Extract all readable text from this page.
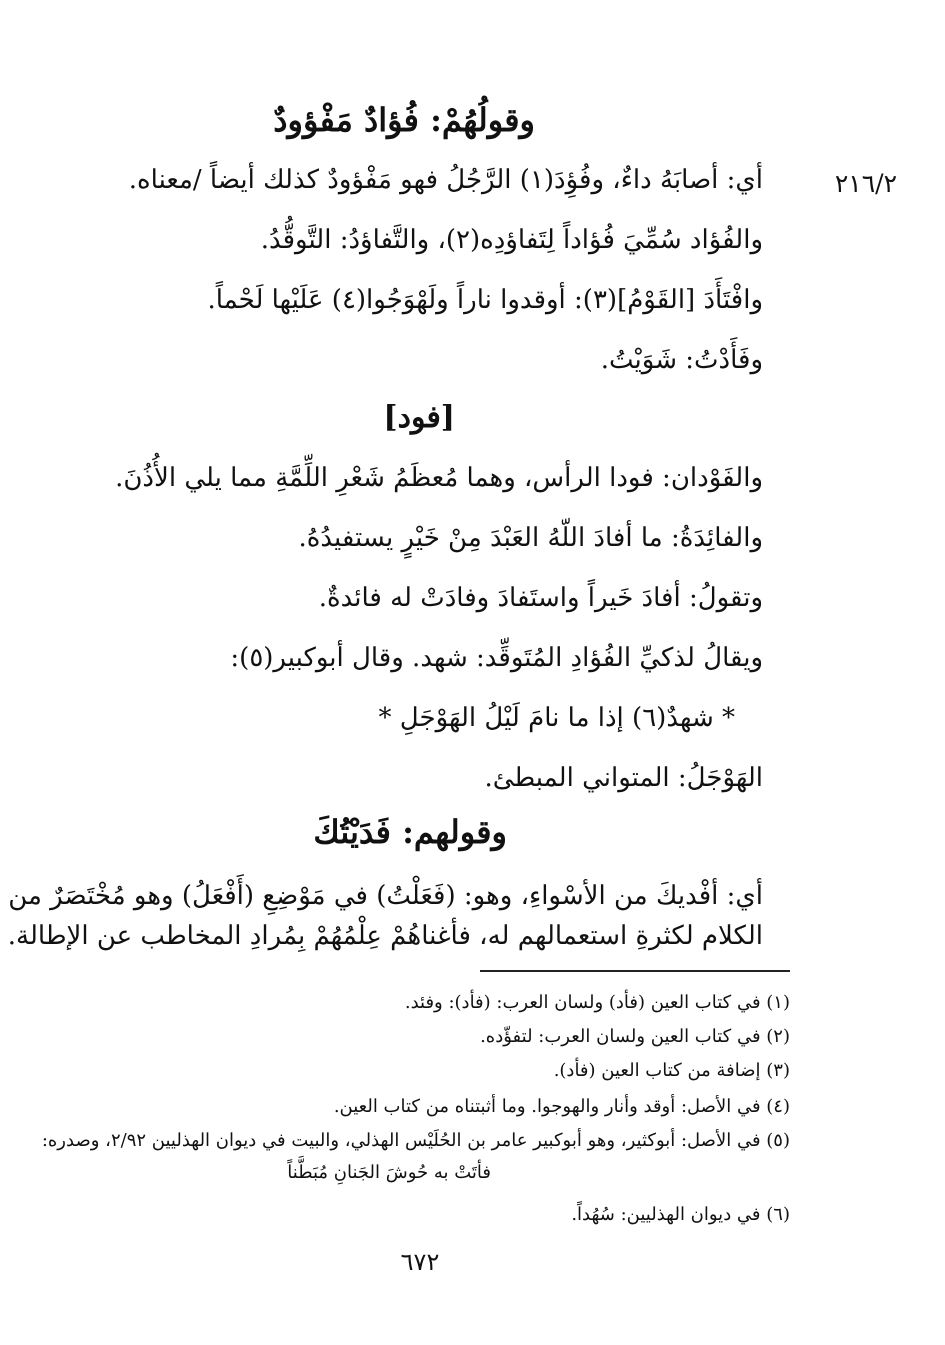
وقولُهُمْ: فُؤادٌ مَفْؤودٌ
٢١٦/٢
أي: أصابَهُ داءٌ، وفُؤِدَ(١) الرَّجُلُ فهو مَفْؤودٌ كذلك أيضاً /معناه.
والفُؤاد سُمِّيَ فُؤاداً لِتَفاؤدِه(٢)، والتَّفاؤدُ: التَّوقُّدُ.
وافْتَأَدَ [القَوْمُ](٣): أوقدوا ناراً ولَهْوَجُوا(٤) عَلَيْها لَحْماً.
وفَأَدْتُ: شَوَيْتُ.
[فود]
والفَوْدان: فودا الرأس، وهما مُعظَمُ شَعْرِ اللِّمَّةِ مما يلي الأُذُنَ.
والفائِدَةُ: ما أفادَ اللّهُ العَبْدَ مِنْ خَيْرٍ يستفيدُهُ.
وتقولُ: أفادَ خَيراً واستَفادَ وفادَتْ له فائدةٌ.
ويقالُ لذكيِّ الفُؤادِ المُتَوقِّد: شهد. وقال أبوكبير(٥):
* شهدٌ(٦) إذا ما نامَ لَيْلُ الهَوْجَلِ *
الهَوْجَلُ: المتواني المبطئ.
وقولهم: فَدَيْتُكَ
أي: أفْديكَ من الأسْواءِ، وهو: (فَعَلْتُ) في مَوْضِعِ (أَفْعَلُ) وهو مُخْتَصَرٌ من
الكلام لكثرةِ استعمالهم له، فأغناهُمْ عِلْمُهُمْ بِمُرادِ المخاطب عن الإطالة.
(١) في كتاب العين (فأد) ولسان العرب: (فأد): وفئد.
(٢) في كتاب العين ولسان العرب: لتفؤّده.
(٣) إضافة من كتاب العين (فأد).
(٤) في الأصل: أوقد وأنار والهوجوا. وما أثبتناه من كتاب العين.
(٥) في الأصل: أبوكثير، وهو أبوكبير عامر بن الحُلَيْس الهذلي، والبيت في ديوان الهذليين ٢/٩٢، وصدره:
فأتَتْ به حُوشَ الجَنانِ مُبَطَّناً
(٦) في ديوان الهذليين: سُهُداً.
٦٧٢
